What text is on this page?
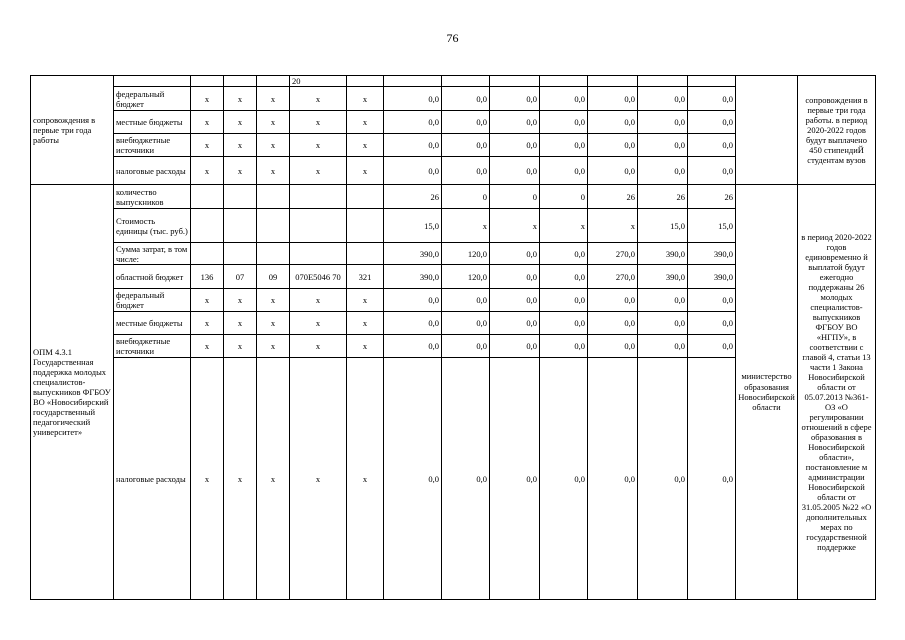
76
сопровождения в первые три года работы					20										сопровождения в первые три года работы. в период 2020-2022 годов будут выплачено 450 стипендиЙ студентам вузов
	федеральный бюджет	х	х	х	х	х	0,0	0,0	0,0	0,0	0,0	0,0	0,0		
	местные бюджеты	х	х	х	х	х	0,0	0,0	0,0	0,0	0,0	0,0	0,0		
	внебюджетные источники	х	х	х	х	х	0,0	0,0	0,0	0,0	0,0	0,0	0,0		
	налоговые расходы	х	х	х	х	х	0,0	0,0	0,0	0,0	0,0	0,0	0,0		
ОПМ 4.3.1 Государственная поддержка молодых специалистов-выпускников ФГБОУ ВО «Новосибирский государственный педагогический университет»	количество выпускников						26	0	0	0	26	26	26	министерство образования Новосибирской области	в период 2020-2022 годов единовременно й выплатой будут ежегодно поддержаны 26 молодых специалистов-выпускников ФГБОУ ВО «НГПУ», в соответствии с главой 4, статьи 13 части 1 Закона Новосибирской области от 05.07.2013 №361-ОЗ «О регулировании отношений в сфере образования в Новосибирской области», постановление м администрации Новосибирской области от 31.05.2005 №22 «О дополнительных мерах по государственной поддержке
	Стоимость единицы (тыс. руб.)						15,0	х	х	х	х	15,0	15,0		
	Сумма затрат, в том числе:						390,0	120,0	0,0	0,0	270,0	390,0	390,0		
	областной бюджет	136	07	09	070E5046 70	321	390,0	120,0	0,0	0,0	270,0	390,0	390,0		
	федеральный бюджет	х	х	х	х	х	0,0	0,0	0,0	0,0	0,0	0,0	0,0		
	местные бюджеты	х	х	х	х	х	0,0	0,0	0,0	0,0	0,0	0,0	0,0		
	внебюджетные источники	х	х	х	х	х	0,0	0,0	0,0	0,0	0,0	0,0	0,0		
	налоговые расходы	х	х	х	х	х	0,0	0,0	0,0	0,0	0,0	0,0	0,0		
